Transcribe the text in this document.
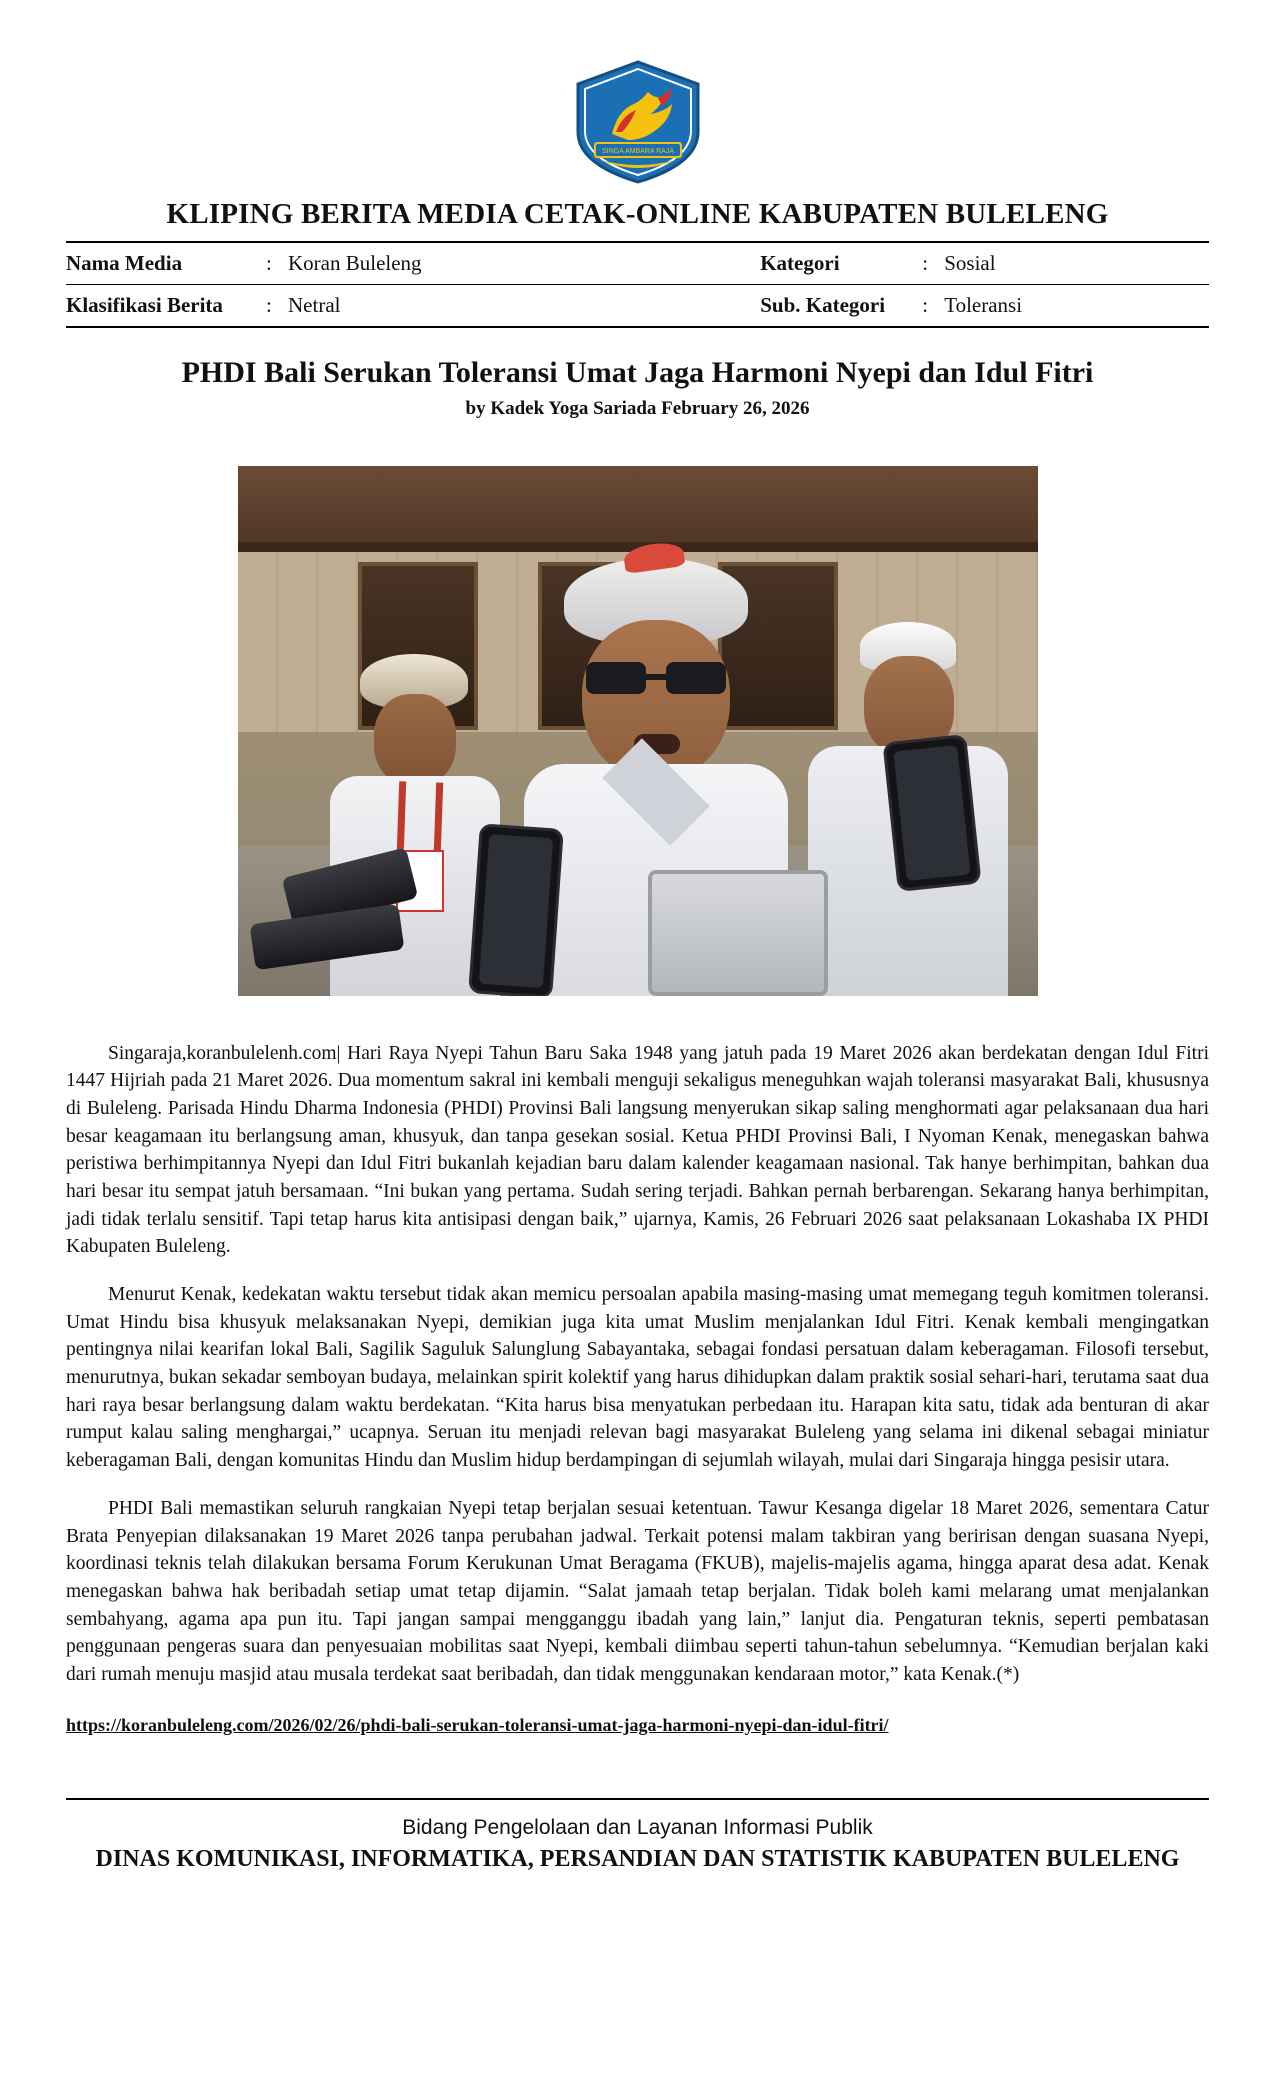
SINGA AMBARA RAJA
KLIPING BERITA MEDIA CETAK-ONLINE KABUPATEN BULELENG
Nama Media	:	Koran Buleleng	Kategori	:	Sosial

Klasifikasi Berita	:	Netral	Sub. Kategori	:	Toleransi
PHDI Bali Serukan Toleransi Umat Jaga Harmoni Nyepi dan Idul Fitri
by Kadek Yoga Sariada February 26, 2026

Singaraja,koranbulelenh.com| Hari Raya Nyepi Tahun Baru Saka 1948 yang jatuh pada 19 Maret 2026 akan berdekatan dengan Idul Fitri 1447 Hijriah pada 21 Maret 2026. Dua momentum sakral ini kembali menguji sekaligus meneguhkan wajah toleransi masyarakat Bali, khususnya di Buleleng. Parisada Hindu Dharma Indonesia (PHDI) Provinsi Bali langsung menyerukan sikap saling menghormati agar pelaksanaan dua hari besar keagamaan itu berlangsung aman, khusyuk, dan tanpa gesekan sosial. Ketua PHDI Provinsi Bali, I Nyoman Kenak, menegaskan bahwa peristiwa berhimpitannya Nyepi dan Idul Fitri bukanlah kejadian baru dalam kalender keagamaan nasional. Tak hanye berhimpitan, bahkan dua hari besar itu sempat jatuh bersamaan. “Ini bukan yang pertama. Sudah sering terjadi. Bahkan pernah berbarengan. Sekarang hanya berhimpitan, jadi tidak terlalu sensitif. Tapi tetap harus kita antisipasi dengan baik,” ujarnya, Kamis, 26 Februari 2026 saat pelaksanaan Lokashaba IX PHDI Kabupaten Buleleng.

Menurut Kenak, kedekatan waktu tersebut tidak akan memicu persoalan apabila masing-masing umat memegang teguh komitmen toleransi. Umat Hindu bisa khusyuk melaksanakan Nyepi, demikian juga kita umat Muslim menjalankan Idul Fitri. Kenak kembali mengingatkan pentingnya nilai kearifan lokal Bali, Sagilik Saguluk Salunglung Sabayantaka, sebagai fondasi persatuan dalam keberagaman. Filosofi tersebut, menurutnya, bukan sekadar semboyan budaya, melainkan spirit kolektif yang harus dihidupkan dalam praktik sosial sehari-hari, terutama saat dua hari raya besar berlangsung dalam waktu berdekatan. “Kita harus bisa menyatukan perbedaan itu. Harapan kita satu, tidak ada benturan di akar rumput kalau saling menghargai,” ucapnya. Seruan itu menjadi relevan bagi masyarakat Buleleng yang selama ini dikenal sebagai miniatur keberagaman Bali, dengan komunitas Hindu dan Muslim hidup berdampingan di sejumlah wilayah, mulai dari Singaraja hingga pesisir utara.

PHDI Bali memastikan seluruh rangkaian Nyepi tetap berjalan sesuai ketentuan. Tawur Kesanga digelar 18 Maret 2026, sementara Catur Brata Penyepian dilaksanakan 19 Maret 2026 tanpa perubahan jadwal. Terkait potensi malam takbiran yang beririsan dengan suasana Nyepi, koordinasi teknis telah dilakukan bersama Forum Kerukunan Umat Beragama (FKUB), majelis-majelis agama, hingga aparat desa adat. Kenak menegaskan bahwa hak beribadah setiap umat tetap dijamin. “Salat jamaah tetap berjalan. Tidak boleh kami melarang umat menjalankan sembahyang, agama apa pun itu. Tapi jangan sampai mengganggu ibadah yang lain,” lanjut dia. Pengaturan teknis, seperti pembatasan penggunaan pengeras suara dan penyesuaian mobilitas saat Nyepi, kembali diimbau seperti tahun-tahun sebelumnya. “Kemudian berjalan kaki dari rumah menuju masjid atau musala terdekat saat beribadah, dan tidak menggunakan kendaraan motor,” kata Kenak.(*)

https://koranbuleleng.com/2026/02/26/phdi-bali-serukan-toleransi-umat-jaga-harmoni-nyepi-dan-idul-fitri/
Bidang Pengelolaan dan Layanan Informasi Publik
DINAS KOMUNIKASI, INFORMATIKA, PERSANDIAN DAN STATISTIK KABUPATEN BULELENG
